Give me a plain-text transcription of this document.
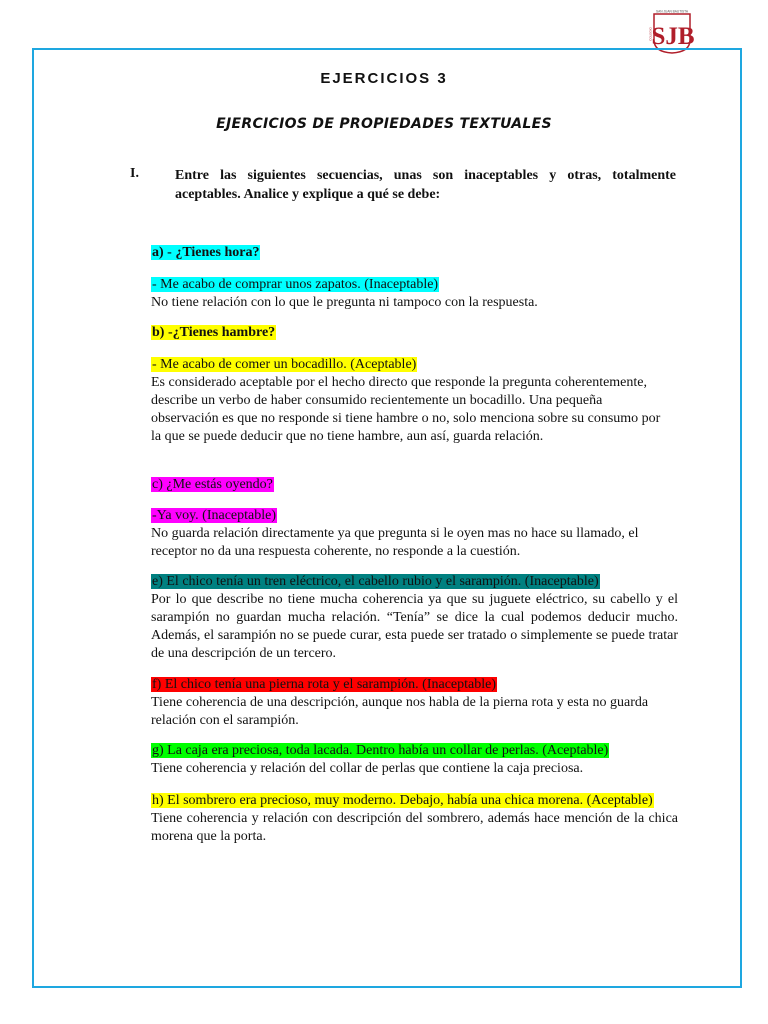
SAN JUAN BAUTISTA
COLEGIO
SJB
EJERCICIOS 3
EJERCICIOS DE PROPIEDADES TEXTUALES
I.	Entre las siguientes secuencias, unas son inaceptables y otras, totalmente aceptables. Analice y explique a qué se debe:
a) - ¿Tienes hora?
- Me acabo de comprar unos zapatos. (Inaceptable)
No tiene relación con lo que le pregunta ni tampoco con la respuesta.
b) -¿Tienes hambre?
- Me acabo de comer un bocadillo. (Aceptable)
Es considerado aceptable por el hecho directo que responde la pregunta coherentemente, describe un verbo de haber consumido recientemente un bocadillo. Una pequeña observación es que no responde si tiene hambre o no, solo menciona sobre su consumo por la que se puede deducir que no tiene hambre, aun así, guarda relación.
c) ¿Me estás oyendo?
-Ya voy. (Inaceptable)
No guarda relación directamente ya que pregunta si le oyen mas no hace su llamado, el receptor no da una respuesta coherente, no responde a la cuestión.
e) El chico tenía un tren eléctrico, el cabello rubio y el sarampión. (Inaceptable)
Por lo que describe no tiene mucha coherencia ya que su juguete eléctrico, su cabello y el sarampión no guardan mucha relación. “Tenía” se dice la cual podemos deducir mucho. Además, el sarampión no se puede curar, esta puede ser tratado o simplemente se puede tratar de una descripción de un tercero.
f) El chico tenía una pierna rota y el sarampión. (Inaceptable)
Tiene coherencia de una descripción, aunque nos habla de la pierna rota y esta no guarda relación con el sarampión.
g) La caja era preciosa, toda lacada. Dentro había un collar de perlas. (Aceptable)
Tiene coherencia y relación del collar de perlas que contiene la caja preciosa.
h) El sombrero era precioso, muy moderno. Debajo, había una chica morena. (Aceptable)
Tiene coherencia y relación con descripción del sombrero, además hace mención de la chica morena que la porta.
